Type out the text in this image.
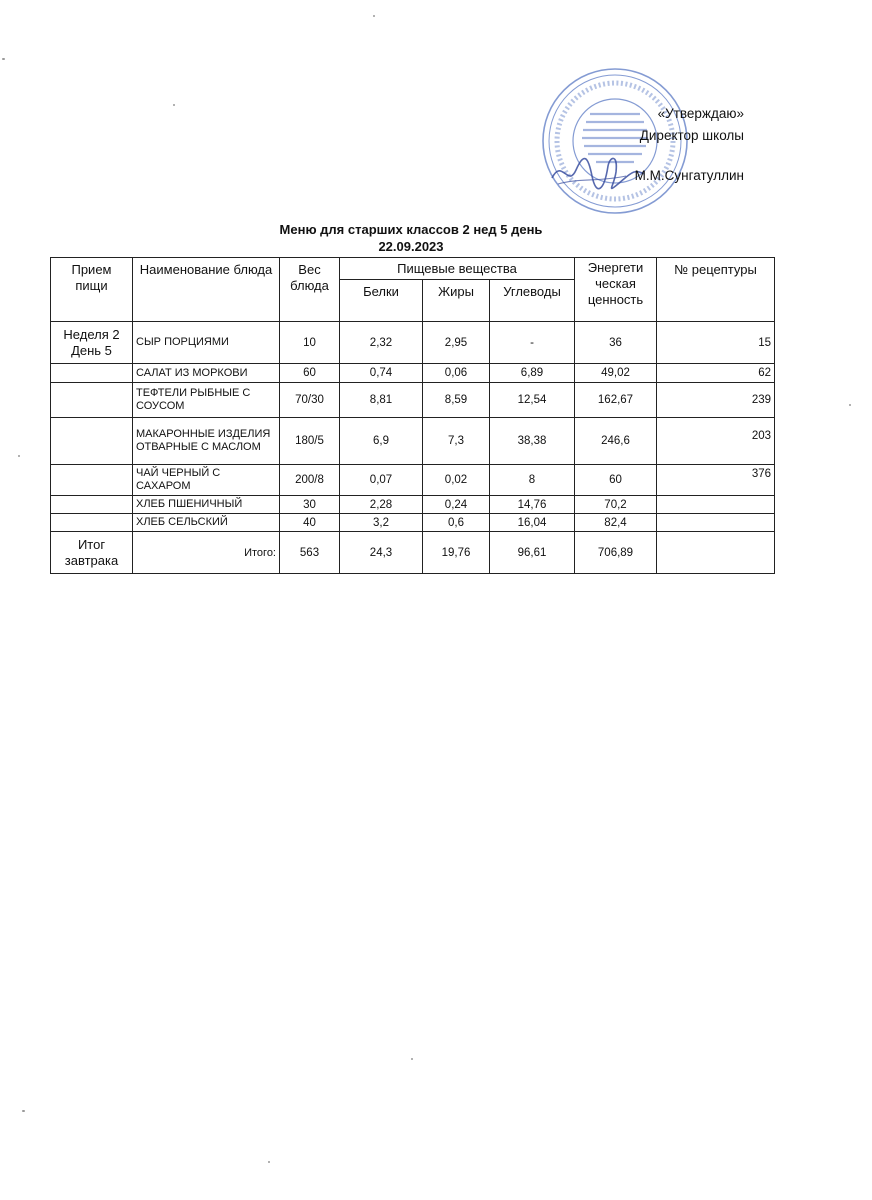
«Утверждаю»
Директор школы
М.М.Сунгатуллин
Меню для старших классов 2 нед 5 день
22.09.2023
Прием пищи	Наименование блюда	Вес блюда	Пищевые вещества			Энергети ческая ценность	№ рецептуры
			Белки	Жиры	Углеводы		
Неделя 2 День 5	СЫР ПОРЦИЯМИ	10	2,32	2,95	-	36	15
	САЛАТ ИЗ МОРКОВИ	60	0,74	0,06	6,89	49,02	62
	ТЕФТЕЛИ РЫБНЫЕ С СОУСОМ	70/30	8,81	8,59	12,54	162,67	239
	МАКАРОННЫЕ ИЗДЕЛИЯ ОТВАРНЫЕ С МАСЛОМ	180/5	6,9	7,3	38,38	246,6	203
	ЧАЙ ЧЕРНЫЙ С САХАРОМ	200/8	0,07	0,02	8	60	376
	ХЛЕБ ПШЕНИЧНЫЙ	30	2,28	0,24	14,76	70,2	
	ХЛЕБ СЕЛЬСКИЙ	40	3,2	0,6	16,04	82,4	
Итог завтрака	Итого:	563	24,3	19,76	96,61	706,89	
